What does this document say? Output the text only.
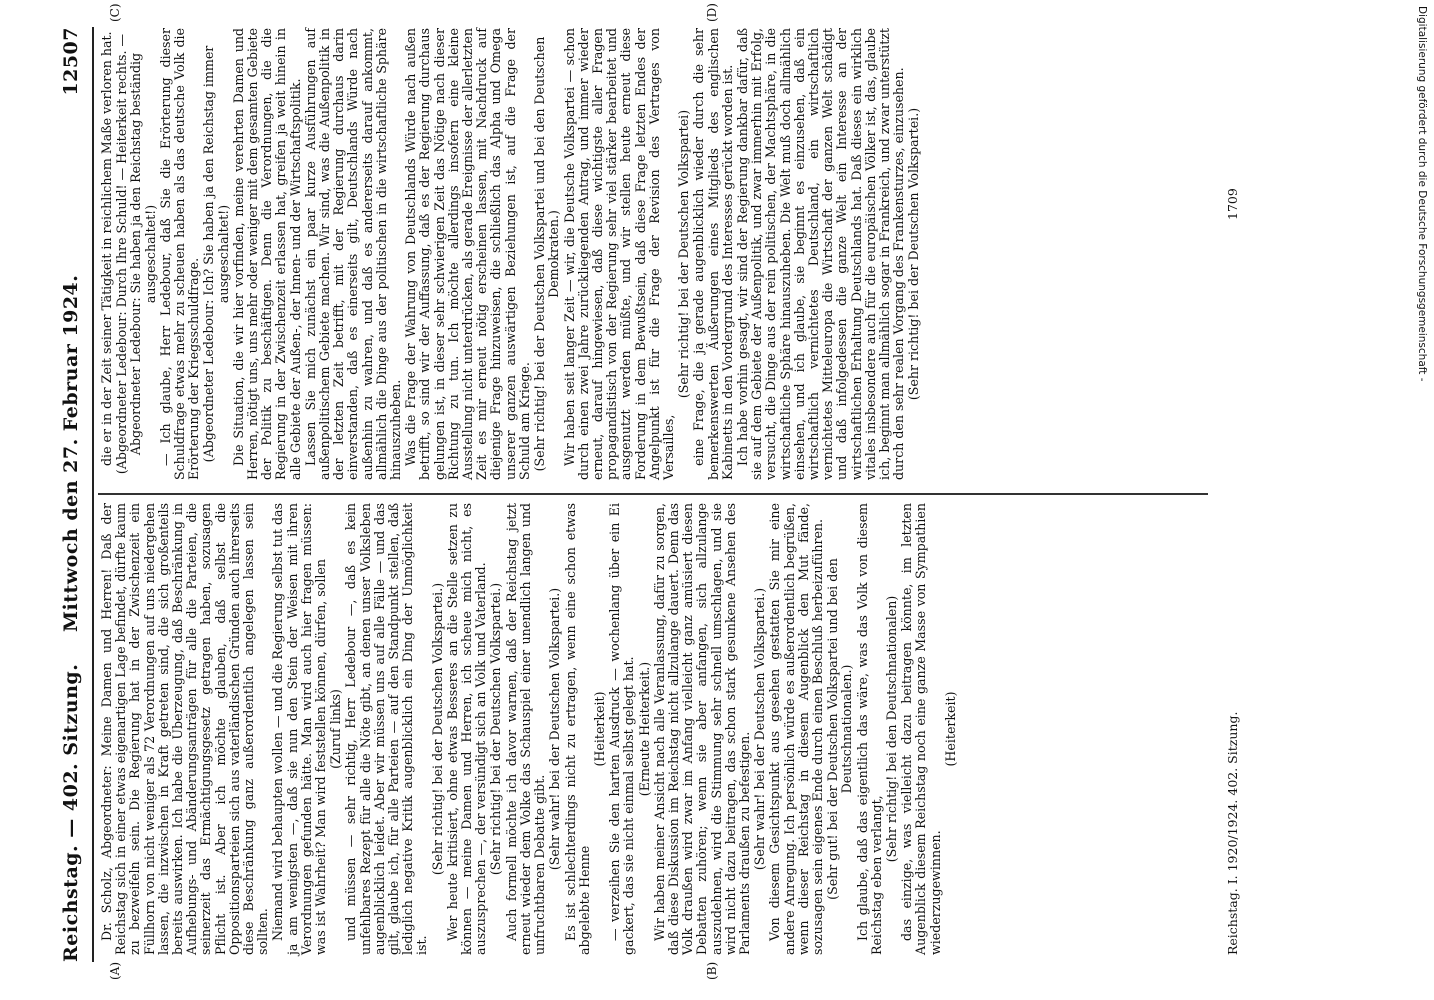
Reichstag. — 402. Sitzung.
Mittwoch den 27. Februar 1924.
12507
(A)	(B)
(C)	(D)

Dr. Scholz, Abgeordneter: Meine Damen und Herren! Daß der Reichstag sich in einer etwas eigenartigen Lage befindet, dürfte kaum zu bezweifeln sein. Die Regierung hat in der Zwischenzeit ein Füllhorn von nicht weniger als 72 Verordnungen auf uns niedergehen lassen, die inzwischen in Kraft getreten sind, die sich großenteils bereits auswirken. Ich habe die Überzeugung, daß Beschränkung in Aufhebungs- und Abänderungsanträgen für alle die Parteien, die seinerzeit das Ermächtigungsgesetz getragen haben, sozusagen Pflicht ist. Aber ich möchte glauben, daß selbst die Oppositionsparteien sich aus vaterländischen Gründen auch ihrerseits diese Beschränkung ganz außerordentlich angelegen lassen sein sollten. Niemand wird behaupten wollen — und die Regierung selbst tut das ja am wenigsten —, daß sie nun den Stein der Weisen mit ihren Verordnungen gefunden hätte. Man wird auch hier fragen müssen: was ist Wahrheit? Man wird feststellen können, dürfen, sollen (Zuruf links) und müssen — sehr richtig, Herr Ledebour —, daß es kein unfehlbares Rezept für alle die Nöte gibt, an denen unser Volksleben augenblicklich leidet. Aber wir müssen uns auf alle Fälle — und das gilt, glaube ich, für alle Parteien — auf den Standpunkt stellen, daß lediglich negative Kritik augenblicklich ein Ding der Unmöglichkeit ist.

(Sehr richtig! bei der Deutschen Volkspartei.) Wer heute kritisiert, ohne etwas Besseres an die Stelle setzen zu können — meine Damen und Herren, ich scheue mich nicht, es auszusprechen —, der versündigt sich an Volk und Vaterland. (Sehr richtig! bei der Deutschen Volkspartei.) Auch formell möchte ich davor warnen, daß der Reichstag jetzt erneut wieder dem Volke das Schauspiel einer unendlich langen und unfruchtbaren Debatte gibt. (Sehr wahr! bei der Deutschen Volkspartei.) Es ist schlechterdings nicht zu ertragen, wenn eine schon etwas abgelebte Henne

(Heiterkeit) — verzeihen Sie den harten Ausdruck — wochenlang über ein Ei gackert, das sie nicht einmal selbst gelegt hat. (Erneute Heiterkeit.) Wir haben meiner Ansicht nach alle Veranlassung, dafür zu sorgen, daß diese Diskussion im Reichstag nicht allzulange dauert. Denn das Volk draußen wird zwar im Anfang vielleicht ganz amüsiert diesen Debatten zuhören; wenn sie aber anfangen, sich allzulange auszudehnen, wird die Stimmung sehr schnell umschlagen, und sie wird nicht dazu beitragen, das schon stark gesunkene Ansehen des Parlaments draußen zu befestigen. (Sehr wahr! bei der Deutschen Volkspartei.) Von diesem Gesichtspunkt aus gesehen gestatten Sie mir eine andere Anregung. Ich persönlich würde es außerordentlich begrüßen, wenn dieser Reichstag in diesem Augenblick den Mut fände, sozusagen sein eigenes Ende durch einen Beschluß herbeizuführen. (Sehr gut! bei der Deutschen Volkspartei und bei den Deutschnationalen.) Ich glaube, daß das eigentlich das wäre, was das Volk von diesem Reichstag eben verlangt,

(Sehr richtig! bei den Deutschnationalen) das einzige, was vielleicht dazu beitragen könnte, im letzten Augenblick diesem Reichstag noch eine ganze Masse von Sympathien wiederzugewinnen.

(Heiterkeit)

die er in der Zeit seiner Tätigkeit in reichlichem Maße verloren hat. (Abgeordneter Ledebour: Durch Ihre Schuld! — Heiterkeit rechts. — Abgeordneter Ledebour: Sie haben ja den Reichstag beständig ausgeschaltet!) — Ich glaube, Herr Ledebour, daß Sie die Erörterung dieser Schuldfrage etwas mehr zu scheuen haben als das deutsche Volk die Erörterung der Kriegsschuldfrage. (Abgeordneter Ledebour: Ich? Sie haben ja den Reichstag immer ausgeschaltet!) Die Situation, die wir hier vorfinden, meine verehrten Damen und Herren, nötigt uns, uns mehr oder weniger mit dem gesamten Gebiete der Politik zu beschäftigen. Denn die Verordnungen, die die Regierung in der Zwischenzeit erlassen hat, greifen ja weit hinein in alle Gebiete der Außen-, der Innen- und der Wirtschaftspolitik. Lassen Sie mich zunächst ein paar kurze Ausführungen auf außenpolitischem Gebiete machen. Wir sind, was die Außenpolitik in der letzten Zeit betrifft, mit der Regierung durchaus darin einverstanden, daß es einerseits gilt, Deutschlands Würde nach außenhin zu wahren, und daß es andererseits darauf ankommt, allmählich die Dinge aus der politischen in die wirtschaftliche Sphäre hinauszuheben. Was die Frage der Wahrung von Deutschlands Würde nach außen betrifft, so sind wir der Auffassung, daß es der Regierung durchaus gelungen ist, in dieser sehr schwierigen Zeit das Nötige nach dieser Richtung zu tun. Ich möchte allerdings insofern eine kleine Ausstellung nicht unterdrücken, als gerade Ereignisse der allerletzten Zeit es mir erneut nötig erscheinen lassen, mit Nachdruck auf diejenige Frage hinzuweisen, die schließlich das Alpha und Omega unserer ganzen auswärtigen Beziehungen ist, auf die Frage der Schuld am Kriege. (Sehr richtig! bei der Deutschen Volkspartei und bei den Deutschen Demokraten.) Wir haben seit langer Zeit — wir, die Deutsche Volkspartei — schon durch einen zwei Jahre zurückliegenden Antrag, und immer wieder erneut, darauf hingewiesen, daß diese wichtigste aller Fragen propagandistisch von der Regierung sehr viel stärker bearbeitet und ausgenutzt werden müßte, und wir stellen heute erneut diese Forderung in dem Bewußtsein, daß diese Frage letzten Endes der Angelpunkt ist für die Frage der Revision des Vertrages von Versailles,

(Sehr richtig! bei der Deutschen Volkspartei) eine Frage, die ja gerade augenblicklich wieder durch die sehr bemerkenswerten Äußerungen eines Mitglieds des englischen Kabinetts in den Vordergrund des Interesses gerückt worden ist. Ich habe vorhin gesagt, wir sind der Regierung dankbar dafür, daß sie auf dem Gebiete der Außenpolitik, und zwar immerhin mit Erfolg, versucht, die Dinge aus der rein politischen, der Machtsphäre, in die wirtschaftliche Sphäre hinauszuheben. Die Welt muß doch allmählich einsehen, und ich glaube, sie beginnt es einzusehen, daß ein wirtschaftlich vernichtetes Deutschland, ein wirtschaftlich vernichtetes Mitteleuropa die Wirtschaft der ganzen Welt schädigt und daß infolgedessen die ganze Welt ein Interesse an der wirtschaftlichen Erhaltung Deutschlands hat. Daß dieses ein wirklich vitales insbesondere auch für die europäischen Völker ist, das, glaube ich, beginnt man allmählich sogar in Frankreich, und zwar unterstützt durch den sehr realen Vorgang des Frankensturzes, einzusehen. (Sehr richtig! bei der Deutschen Volkspartei.)

Reichstag. I. 1920/1924. 402. Sitzung.
1709	Digitalisierung gefördert durch die Deutsche Forschungsgemeinschaft -
